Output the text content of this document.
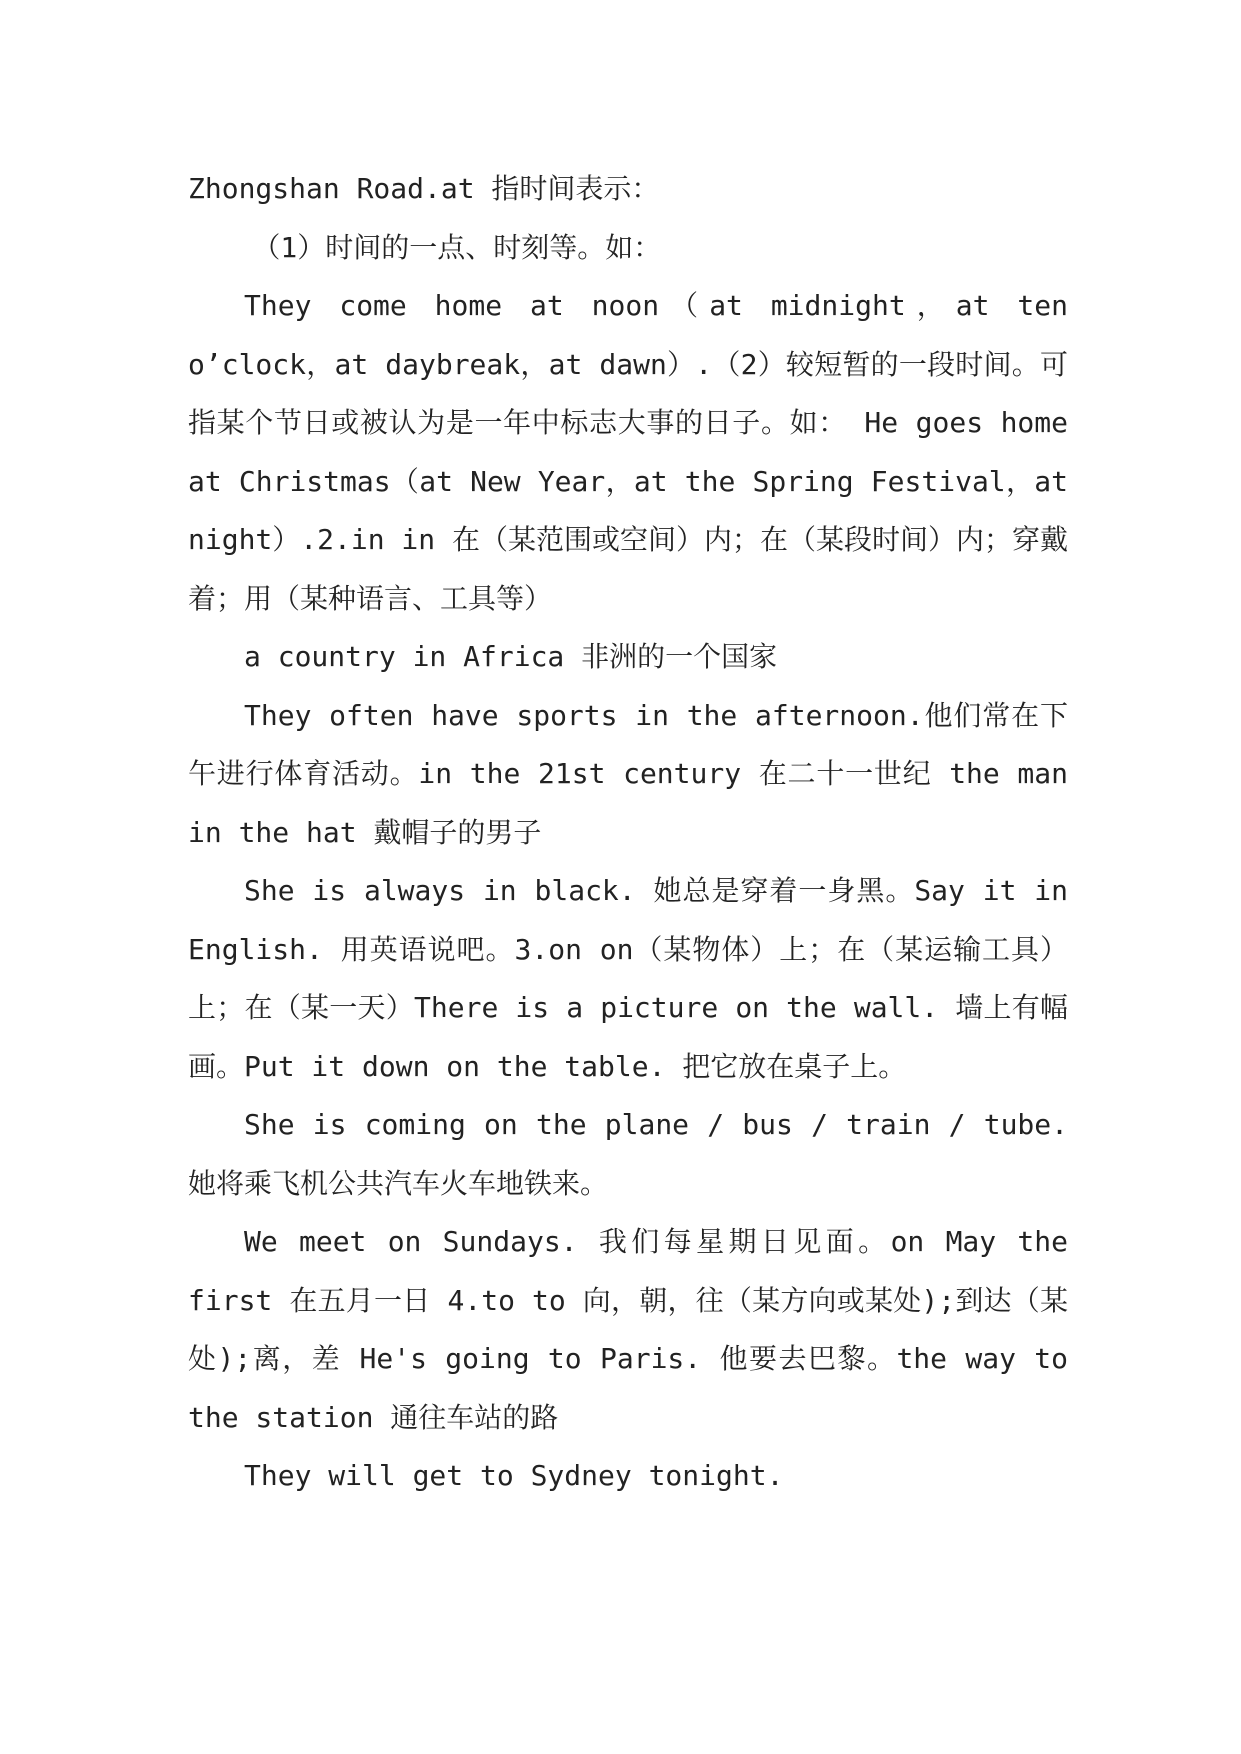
Zhongshan Road.at 指时间表示：

（1）时间的一点、时刻等。如：

They come home at noon（at midnight，at ten o’clock，at daybreak，at dawn）.（2）较短暂的一段时间。可指某个节日或被认为是一年中标志大事的日子。如： He goes home at Christmas（at New Year，at the Spring Festival，at night）.2.in in 在（某范围或空间）内；在（某段时间）内；穿戴着；用（某种语言、工具等）

a country in Africa 非洲的一个国家

They often have sports in the afternoon.他们常在下午进行体育活动。in the 21st century 在二十一世纪 the man in the hat 戴帽子的男子

She is always in black. 她总是穿着一身黑。Say it in English. 用英语说吧。3.on on（某物体）上；在（某运输工具）上；在（某一天）There is a picture on the wall. 墙上有幅画。Put it down on the table. 把它放在桌子上。

She is coming on the plane / bus / train / tube.她将乘飞机公共汽车火车地铁来。

We meet on Sundays. 我们每星期日见面。on May the first 在五月一日 4.to to 向，朝，往（某方向或某处);到达（某处);离，差 He's going to Paris. 他要去巴黎。the way to the station 通往车站的路

They will get to Sydney tonight.
